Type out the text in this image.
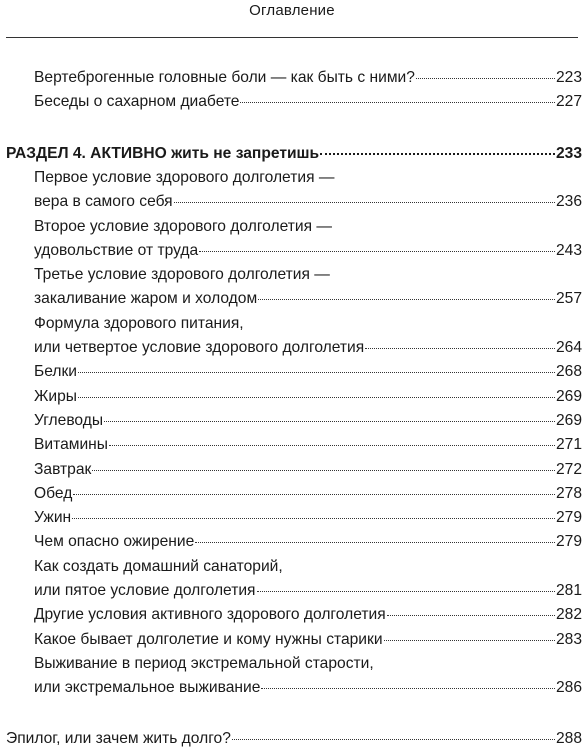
Оглавление
Вертеброгенные головные боли — как быть с ними?	223
Беседы о сахарном диабете	227
РАЗДЕЛ 4. АКТИВНО жить не запретишь	233
Первое условие здорового долголетия —
вера в самого себя	236
Второе условие здорового долголетия —
удовольствие от труда	243
Третье условие здорового долголетия —
закаливание жаром и холодом	257
Формула здорового питания,
или четвертое условие здорового долголетия	264
Белки	268
Жиры	269
Углеводы	269
Витамины	271
Завтрак	272
Обед	278
Ужин	279
Чем опасно ожирение	279
Как создать домашний санаторий,
или пятое условие долголетия	281
Другие условия активного здорового долголетия	282
Какое бывает долголетие и кому нужны старики	283
Выживание в период экстремальной старости,
или экстремальное выживание	286
Эпилог, или зачем жить долго?	288
